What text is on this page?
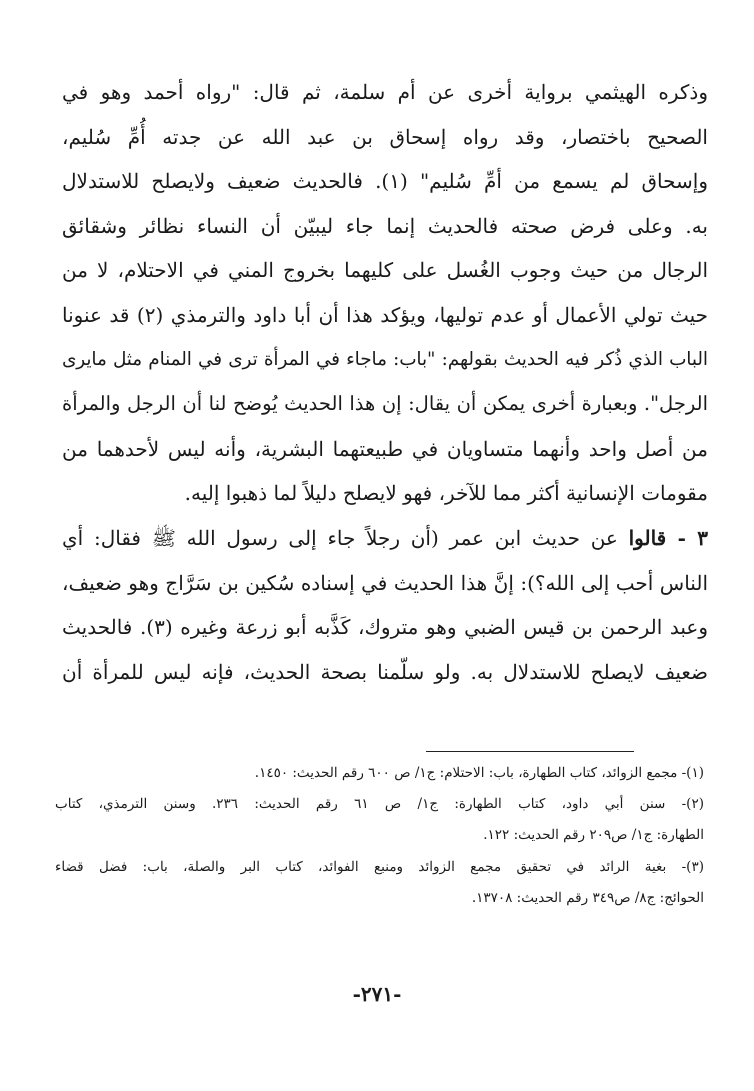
وذكره الهيثمي برواية أخرى عن أم سلمة، ثم قال: "رواه أحمد وهو في
الصحيح باختصار، وقد رواه إسحاق بن عبد الله عن جدته أُمِّ سُليم،
وإسحاق لم يسمع من أمِّ سُليم" (١). فالحديث ضعيف ولايصلح للاستدلال
به. وعلى فرض صحته فالحديث إنما جاء ليبيّن أن النساء نظائر وشقائق
الرجال من حيث وجوب الغُسل على كليهما بخروج المني في الاحتلام، لا من
حيث تولي الأعمال أو عدم توليها، ويؤكد هذا أن أبا داود والترمذي (٢) قد عنونا
الباب الذي ذُكر فيه الحديث بقولهم: "باب: ماجاء في المرأة ترى في المنام مثل مايرى
الرجل". وبعبارة أخرى يمكن أن يقال: إن هذا الحديث يُوضح لنا أن الرجل والمرأة
من أصل واحد وأنهما متساويان في طبيعتهما البشرية، وأنه ليس لأحدهما من
مقومات الإنسانية أكثر مما للآخر، فهو لايصلح دليلاً لما ذهبوا إليه.
٣ - قالوا عن حديث ابن عمر (أن رجلاً جاء إلى رسول الله ﷺ فقال: أي
الناس أحب إلى الله؟): إنَّ هذا الحديث في إسناده سُكين بن سَرَّاج وهو ضعيف،
وعبد الرحمن بن قيس الضبي وهو متروك، كَذَّبه أبو زرعة وغيره (٣). فالحديث
ضعيف لايصلح للاستدلال به. ولو سلّمنا بصحة الحديث، فإنه ليس للمرأة أن
(١)- مجمع الزوائد، كتاب الطهارة، باب: الاحتلام: ج١/ ص ٦٠٠ رقم الحديث: ١٤٥٠.
(٢)- سنن أبي داود، كتاب الطهارة: ج١/ ص ٦١ رقم الحديث: ٢٣٦. وسنن الترمذي، كتاب
الطهارة: ج١/ ص٢٠٩ رقم الحديث: ١٢٢.
(٣)- بغية الرائد في تحقيق مجمع الزوائد ومنبع الفوائد، كتاب البر والصلة، باب: فضل قضاء
الحوائج: ج٨/ ص٣٤٩ رقم الحديث: ١٣٧٠٨.
-٢٧١-
